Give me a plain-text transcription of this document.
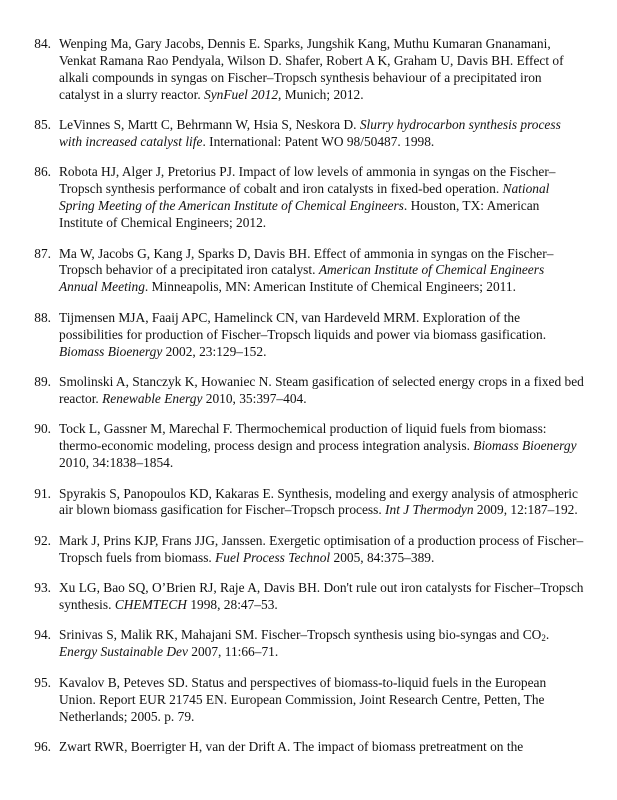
84. Wenping Ma, Gary Jacobs, Dennis E. Sparks, Jungshik Kang, Muthu Kumaran Gnanamani, Venkat Ramana Rao Pendyala, Wilson D. Shafer, Robert A K, Graham U, Davis BH. Effect of alkali compounds in syngas on Fischer–Tropsch synthesis behaviour of a precipitated iron catalyst in a slurry reactor. SynFuel 2012, Munich; 2012.
85. LeVinnes S, Martt C, Behrmann W, Hsia S, Neskora D. Slurry hydrocarbon synthesis process with increased catalyst life. International: Patent WO 98/50487. 1998.
86. Robota HJ, Alger J, Pretorius PJ. Impact of low levels of ammonia in syngas on the Fischer–Tropsch synthesis performance of cobalt and iron catalysts in fixed-bed operation. National Spring Meeting of the American Institute of Chemical Engineers. Houston, TX: American Institute of Chemical Engineers; 2012.
87. Ma W, Jacobs G, Kang J, Sparks D, Davis BH. Effect of ammonia in syngas on the Fischer–Tropsch behavior of a precipitated iron catalyst. American Institute of Chemical Engineers Annual Meeting. Minneapolis, MN: American Institute of Chemical Engineers; 2011.
88. Tijmensen MJA, Faaij APC, Hamelinck CN, van Hardeveld MRM. Exploration of the possibilities for production of Fischer–Tropsch liquids and power via biomass gasification. Biomass Bioenergy 2002, 23:129–152.
89. Smolinski A, Stanczyk K, Howaniec N. Steam gasification of selected energy crops in a fixed bed reactor. Renewable Energy 2010, 35:397–404.
90. Tock L, Gassner M, Marechal F. Thermochemical production of liquid fuels from biomass: thermo-economic modeling, process design and process integration analysis. Biomass Bioenergy 2010, 34:1838–1854.
91. Spyrakis S, Panopoulos KD, Kakaras E. Synthesis, modeling and exergy analysis of atmospheric air blown biomass gasification for Fischer–Tropsch process. Int J Thermodyn 2009, 12:187–192.
92. Mark J, Prins KJP, Frans JJG, Janssen. Exergetic optimisation of a production process of Fischer–Tropsch fuels from biomass. Fuel Process Technol 2005, 84:375–389.
93. Xu LG, Bao SQ, O’Brien RJ, Raje A, Davis BH. Don't rule out iron catalysts for Fischer–Tropsch synthesis. CHEMTECH 1998, 28:47–53.
94. Srinivas S, Malik RK, Mahajani SM. Fischer–Tropsch synthesis using bio-syngas and $CO_2$. Energy Sustainable Dev 2007, 11:66–71.
95. Kavalov B, Peteves SD. Status and perspectives of biomass-to-liquid fuels in the European Union. Report EUR 21745 EN. European Commission, Joint Research Centre, Petten, The Netherlands; 2005. p. 79.
96. Zwart RWR, Boerrigter H, van der Drift A. The impact of biomass pretreatment on the
